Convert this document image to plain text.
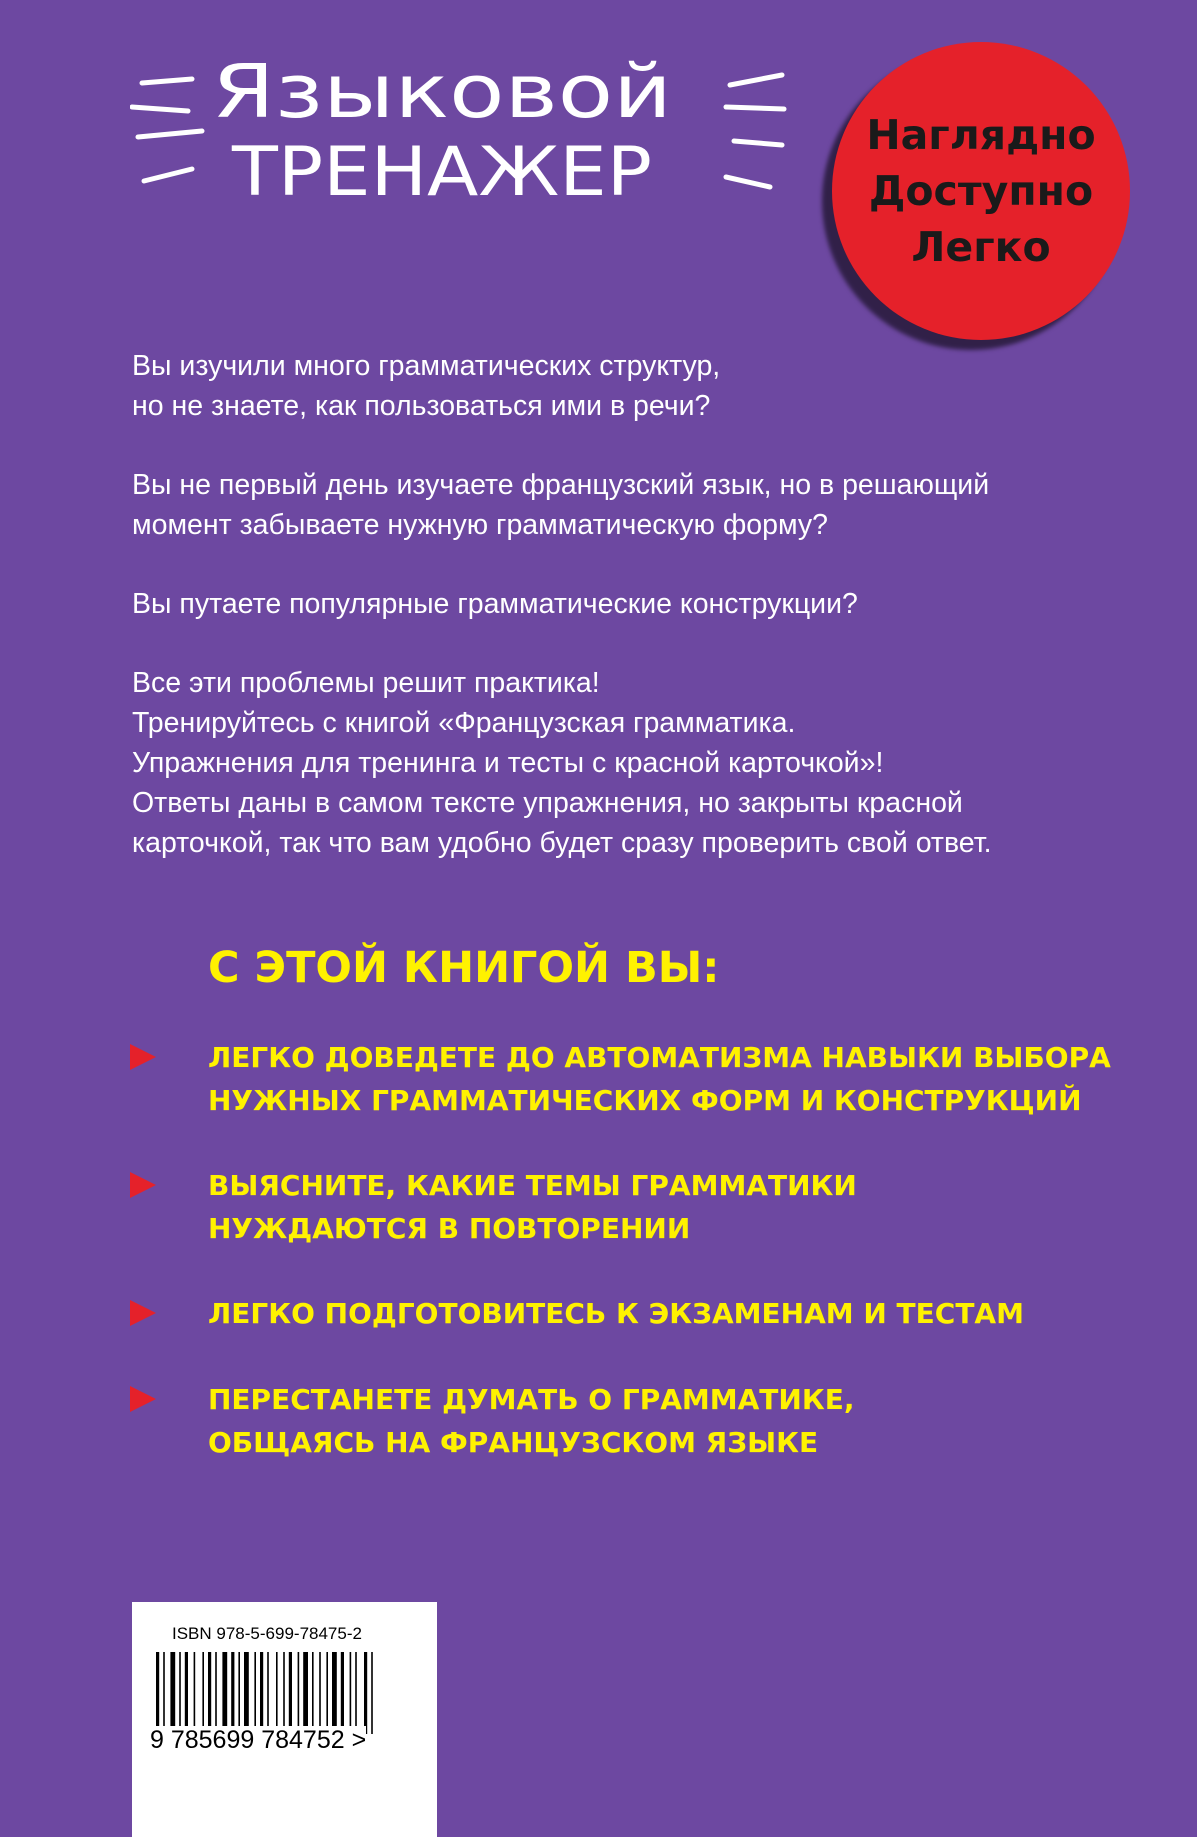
Языковой
ТРЕНАЖЕР	Наглядно
Доступно
Легко

Вы изучили много грамматических структур,
но не знаете, как пользоваться ими в речи?

Вы не первый день изучаете французский язык, но в решающий
момент забываете нужную грамматическую форму?

Вы путаете популярные грамматические конструкции?

Все эти проблемы решит практика!
Тренируйтесь с книгой «Французская грамматика.
Упражнения для тренинга и тесты с красной карточкой»!
Ответы даны в самом тексте упражнения, но закрыты красной
карточкой, так что вам удобно будет сразу проверить свой ответ.

С ЭТОЙ КНИГОЙ ВЫ:
ЛЕГКО ДОВЕДЕТЕ ДО АВТОМАТИЗМА НАВЫКИ ВЫБОРА
НУЖНЫХ ГРАММАТИЧЕСКИХ ФОРМ И КОНСТРУКЦИЙ
ВЫЯСНИТЕ, КАКИЕ ТЕМЫ ГРАММАТИКИ
НУЖДАЮТСЯ В ПОВТОРЕНИИ
ЛЕГКО ПОДГОТОВИТЕСЬ К ЭКЗАМЕНАМ И ТЕСТАМ
ПЕРЕСТАНЕТЕ ДУМАТЬ О ГРАММАТИКЕ,
ОБЩАЯСЬ НА ФРАНЦУЗСКОМ ЯЗЫКЕ
ISBN 978-5-699-78475-2
9 785699 784752 >
